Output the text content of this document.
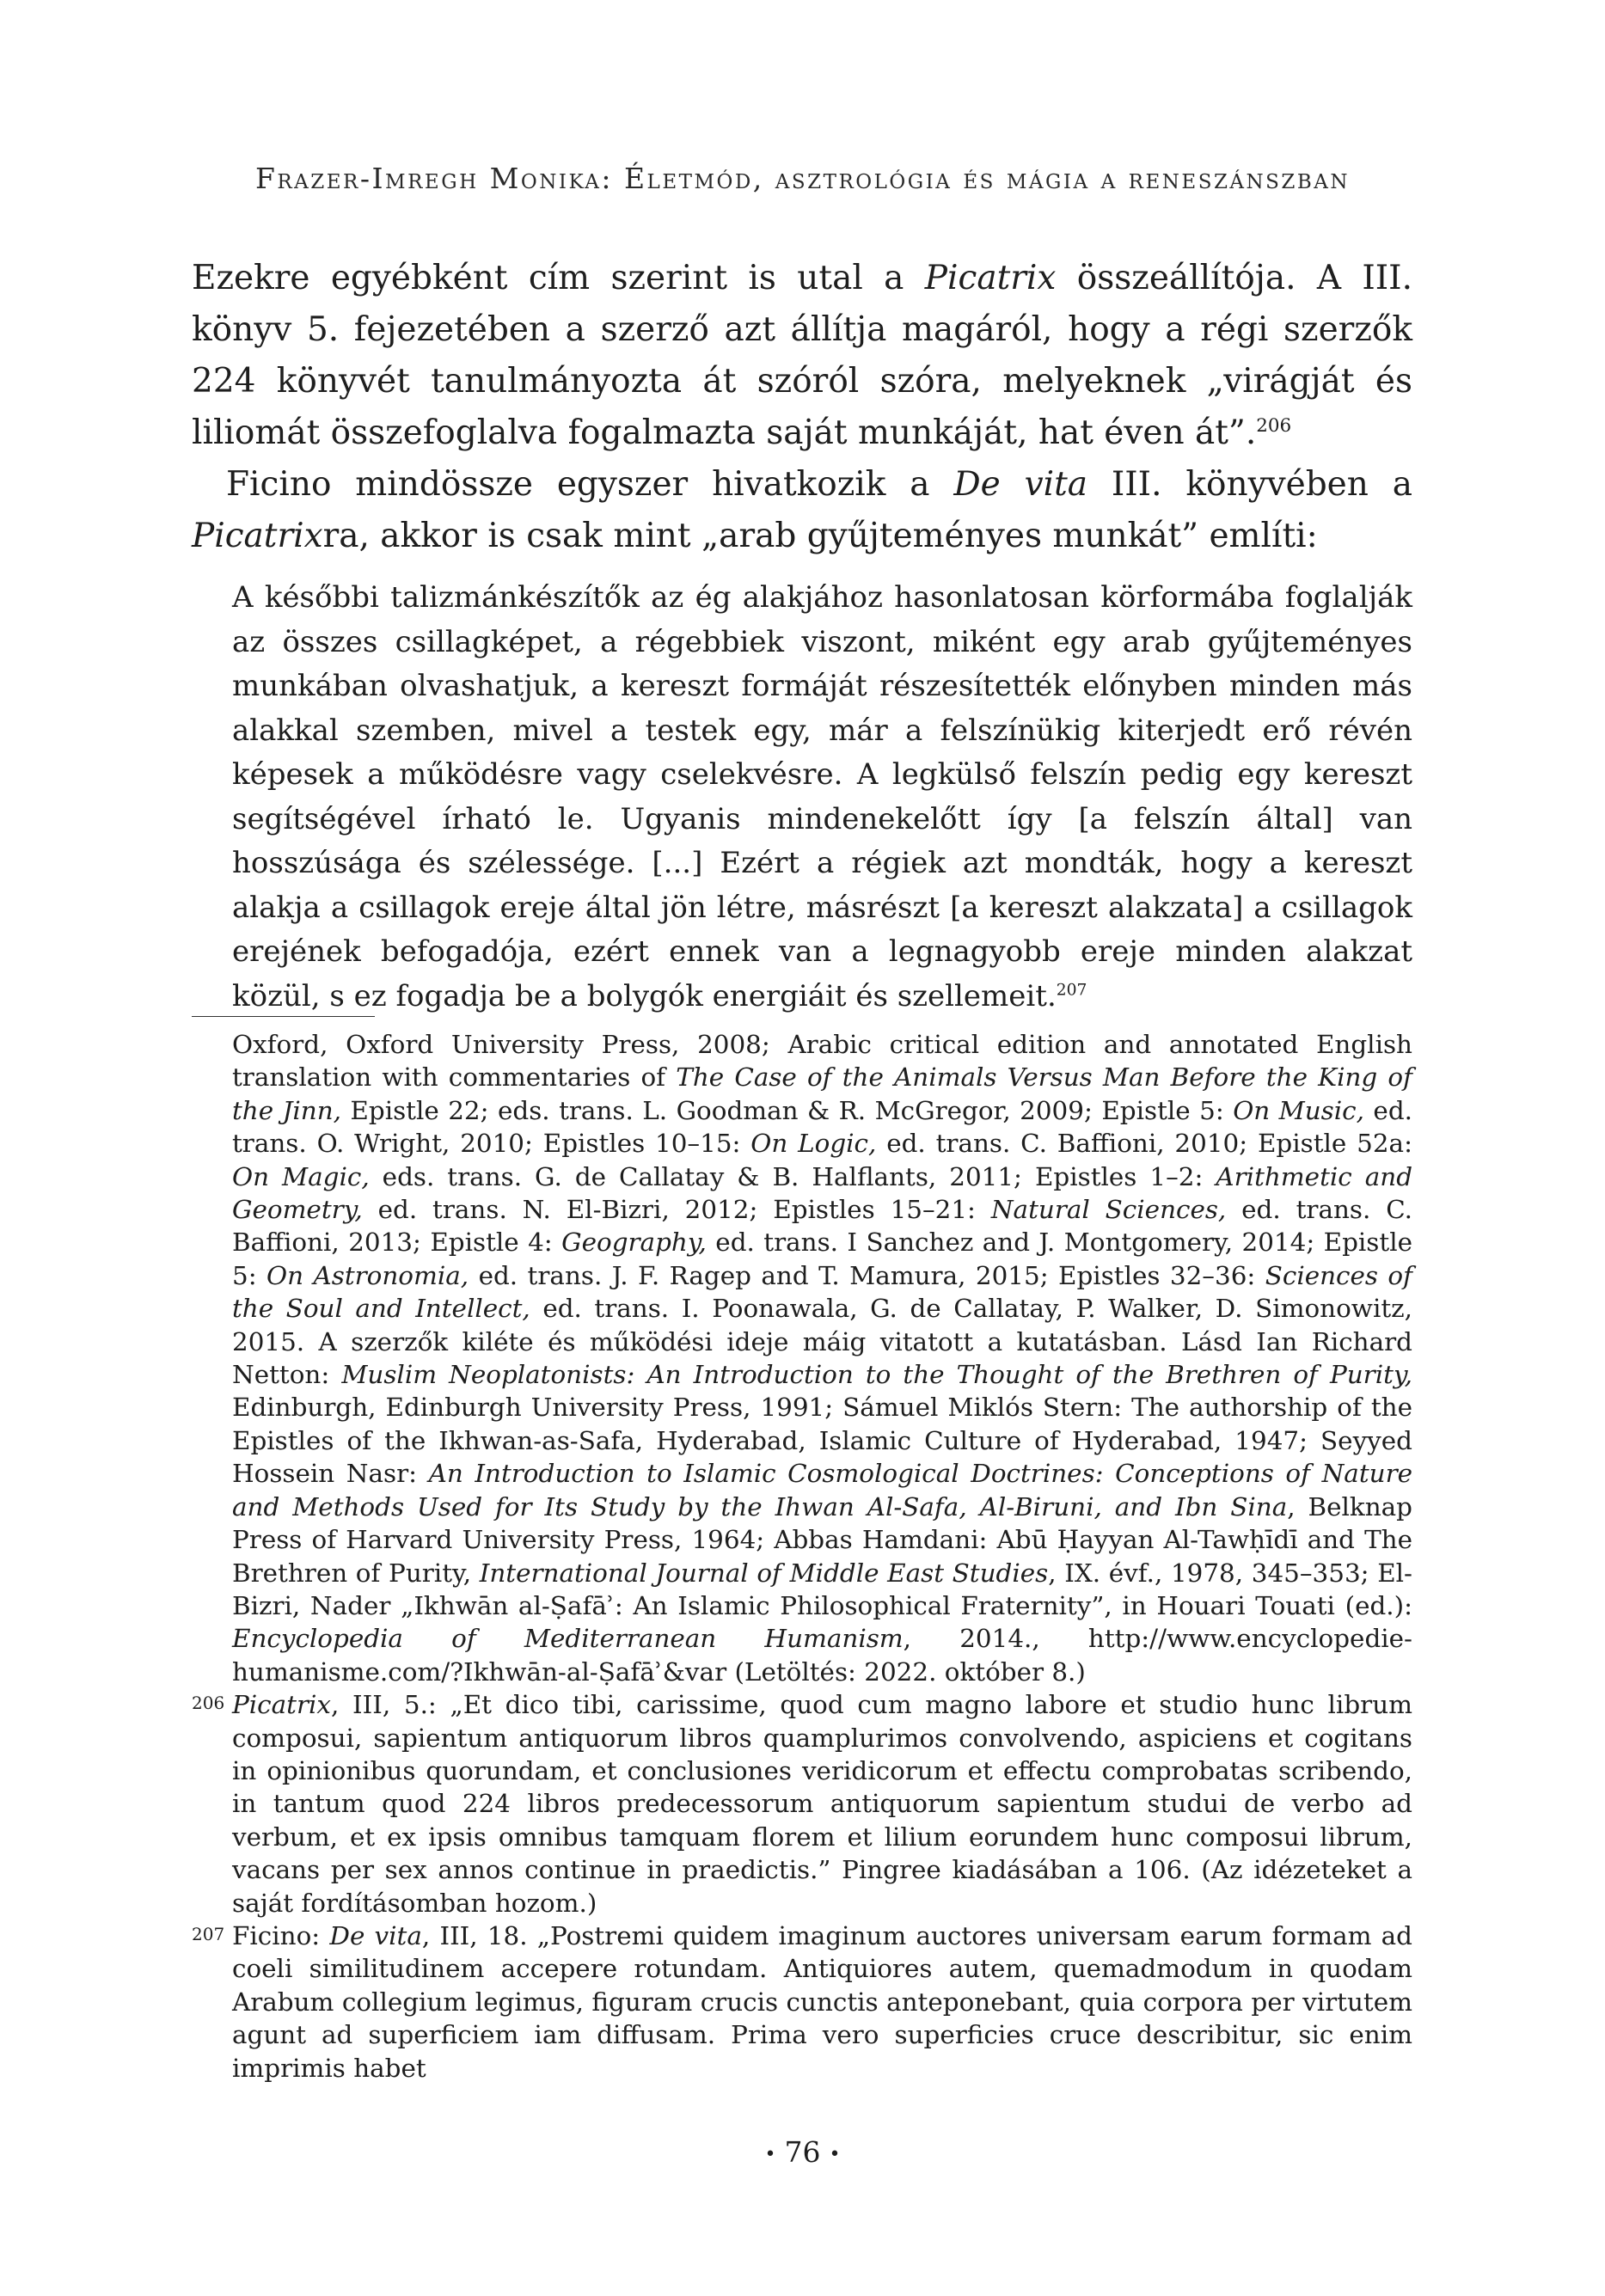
Frazer-Imregh Monika: Életmód, asztrológia és mágia a reneszánszban

Ezekre egyébként cím szerint is utal a Picatrix összeállítója. A III. könyv 5. fejezetében a szerző azt állítja magáról, hogy a régi szerzők 224 könyvét tanulmányozta át szóról szóra, melyeknek „virágját és liliomát összefoglalva fogalmazta saját munkáját, hat éven át”.$^{206}$

Ficino mindössze egyszer hivatkozik a De vita III. könyvében a Picatrixra, akkor is csak mint „arab gyűjteményes munkát” említi:

A későbbi talizmánkészítők az ég alakjához hasonlatosan körformába foglalják az összes csillagképet, a régebbiek viszont, miként egy arab gyűjteményes munkában olvashatjuk, a kereszt formáját részesítették előnyben minden más alakkal szemben, mivel a testek egy, már a felszínükig kiterjedt erő révén képesek a működésre vagy cselekvésre. A legkülső felszín pedig egy kereszt segítségével írható le. Ugyanis mindenekelőtt így [a felszín által] van hosszúsága és szélessége. [...] Ezért a régiek azt mondták, hogy a kereszt alakja a csillagok ereje által jön létre, másrészt [a kereszt alakzata] a csillagok erejének befogadója, ezért ennek van a legnagyobb ereje minden alakzat közül, s ez fogadja be a bolygók energiáit és szellemeit.$^{207}$

Oxford, Oxford University Press, 2008; Arabic critical edition and annotated English translation with commentaries of The Case of the Animals Versus Man Before the King of the Jinn, Epistle 22; eds. trans. L. Goodman & R. McGregor, 2009; Epistle 5: On Music, ed. trans. O. Wright, 2010; Epistles 10–15: On Logic, ed. trans. C. Baffioni, 2010; Epistle 52a: On Magic, eds. trans. G. de Callatay & B. Halflants, 2011; Epistles 1–2: Arithmetic and Geometry, ed. trans. N. El-Bizri, 2012; Epistles 15–21: Natural Sciences, ed. trans. C. Baffioni, 2013; Epistle 4: Geography, ed. trans. I Sanchez and J. Montgomery, 2014; Epistle 5: On Astronomia, ed. trans. J. F. Ragep and T. Mamura, 2015; Epistles 32–36: Sciences of the Soul and Intellect, ed. trans. I. Poonawala, G. de Callatay, P. Walker, D. Simonowitz, 2015. A szerzők kiléte és működési ideje máig vitatott a kutatásban. Lásd Ian Richard Netton: Muslim Neoplatonists: An Introduction to the Thought of the Brethren of Purity, Edinburgh, Edinburgh University Press, 1991; Sámuel Miklós Stern: The authorship of the Epistles of the Ikhwan-as-Safa, Hyderabad, Islamic Culture of Hyderabad, 1947; Seyyed Hossein Nasr: An Introduction to Islamic Cosmological Doctrines: Conceptions of Nature and Methods Used for Its Study by the Ihwan Al-Safa, Al-Biruni, and Ibn Sina, Belknap Press of Harvard University Press, 1964; Abbas Hamdani: Abū Ḥayyan Al-Tawḥīdī and The Brethren of Purity, International Journal of Middle East Studies, IX. évf., 1978, 345–353; El-Bizri, Nader „Ikhwān al-Ṣafāʾ: An Islamic Philosophical Fraternity”, in Houari Touati (ed.): Encyclopedia of Mediterranean Humanism, 2014., http://www.encyclopedie-humanisme.com/?Ikhwān-al-Ṣafāʾ&var (Letöltés: 2022. október 8.)

206 Picatrix, III, 5.: „Et dico tibi, carissime, quod cum magno labore et studio hunc librum composui, sapientum antiquorum libros quamplurimos convolvendo, aspiciens et cogitans in opinionibus quorundam, et conclusiones veridicorum et effectu comprobatas scribendo, in tantum quod 224 libros predecessorum antiquorum sapientum studui de verbo ad verbum, et ex ipsis omnibus tamquam florem et lilium eorundem hunc composui librum, vacans per sex annos continue in praedictis.” Pingree kiadásában a 106. (Az idézeteket a saját fordításomban hozom.)

207 Ficino: De vita, III, 18. „Postremi quidem imaginum auctores universam earum formam ad coeli similitudinem accepere rotundam. Antiquiores autem, quemadmodum in quodam Arabum collegium legimus, figuram crucis cunctis anteponebant, quia corpora per virtutem agunt ad superficiem iam diffusam. Prima vero superficies cruce describitur, sic enim imprimis habet

• 76 •
